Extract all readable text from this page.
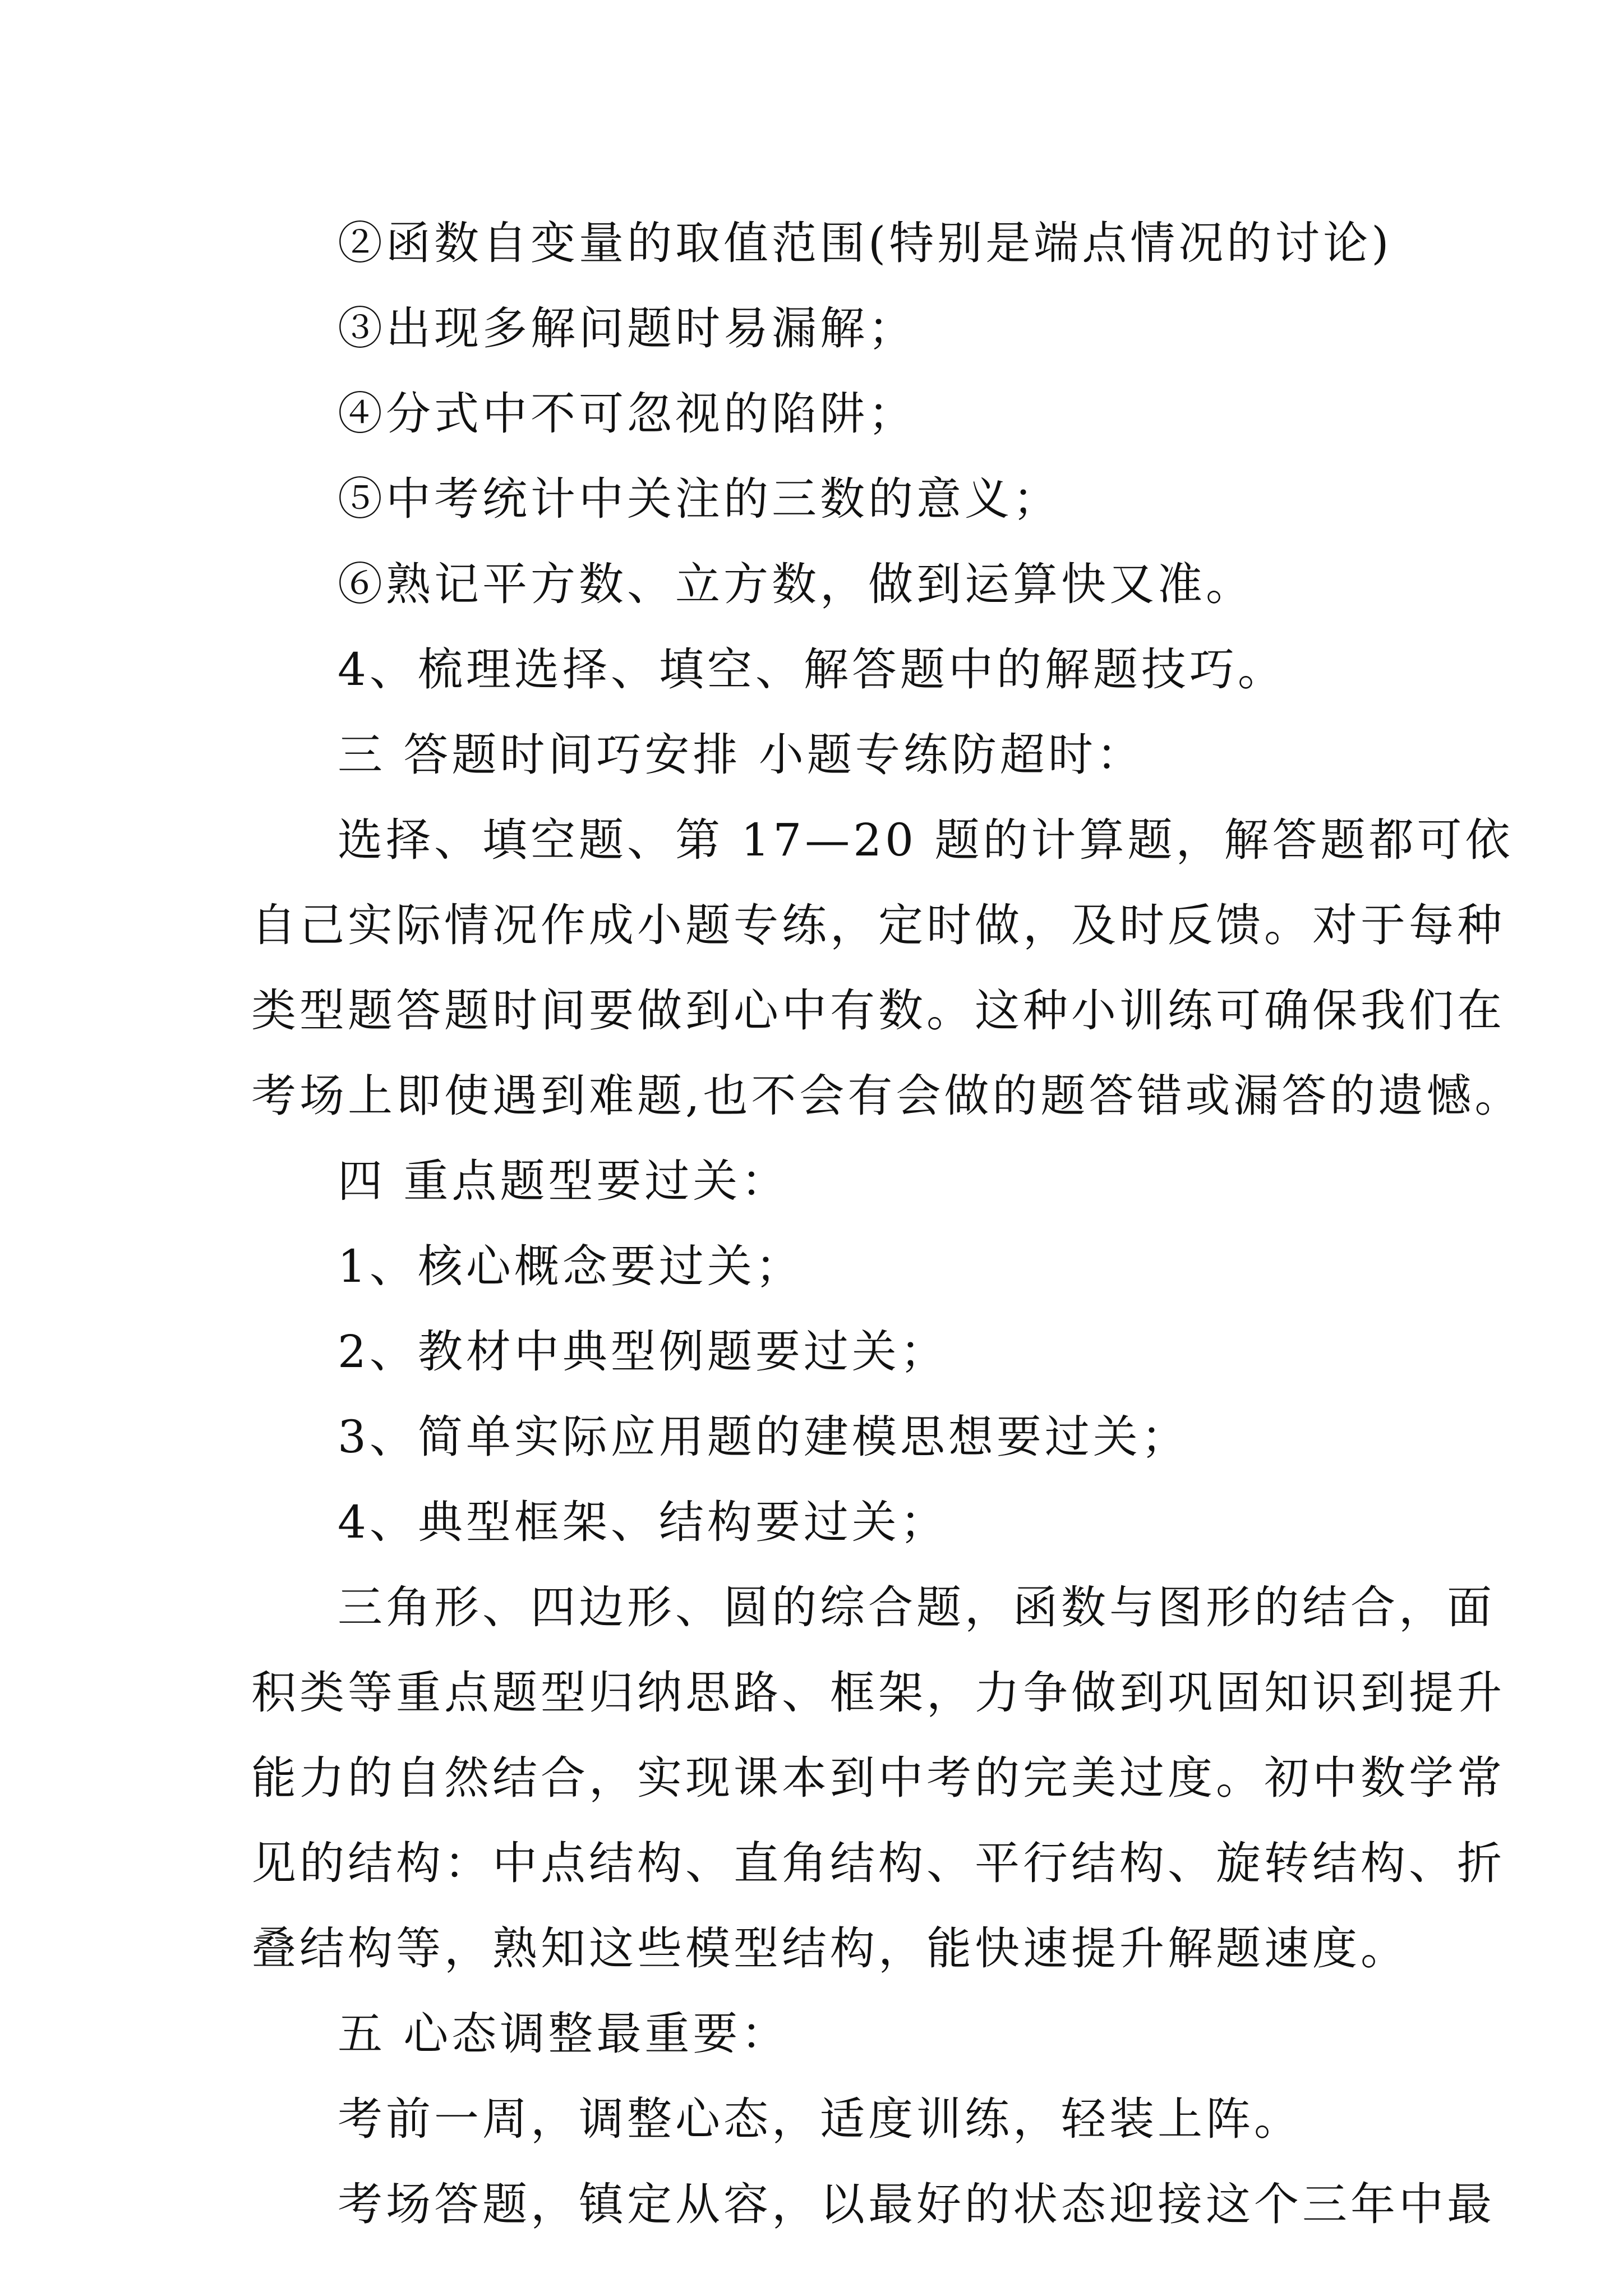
②函数自变量的取值范围(特别是端点情况的讨论)
③出现多解问题时易漏解；
④分式中不可忽视的陷阱；
⑤中考统计中关注的三数的意义；
⑥熟记平方数、立方数，做到运算快又准。
4、梳理选择、填空、解答题中的解题技巧。
三 答题时间巧安排 小题专练防超时：
选择、填空题、第 17—20 题的计算题，解答题都可依
自己实际情况作成小题专练，定时做，及时反馈。对于每种
类型题答题时间要做到心中有数。这种小训练可确保我们在
考场上即使遇到难题,也不会有会做的题答错或漏答的遗憾。
四 重点题型要过关：
1、核心概念要过关；
2、教材中典型例题要过关；
3、简单实际应用题的建模思想要过关；
4、典型框架、结构要过关；
三角形、四边形、圆的综合题，函数与图形的结合，面
积类等重点题型归纳思路、框架，力争做到巩固知识到提升
能力的自然结合，实现课本到中考的完美过度。初中数学常
见的结构：中点结构、直角结构、平行结构、旋转结构、折
叠结构等，熟知这些模型结构，能快速提升解题速度。
五 心态调整最重要：
考前一周，调整心态，适度训练，轻装上阵。
考场答题，镇定从容，以最好的状态迎接这个三年中最
